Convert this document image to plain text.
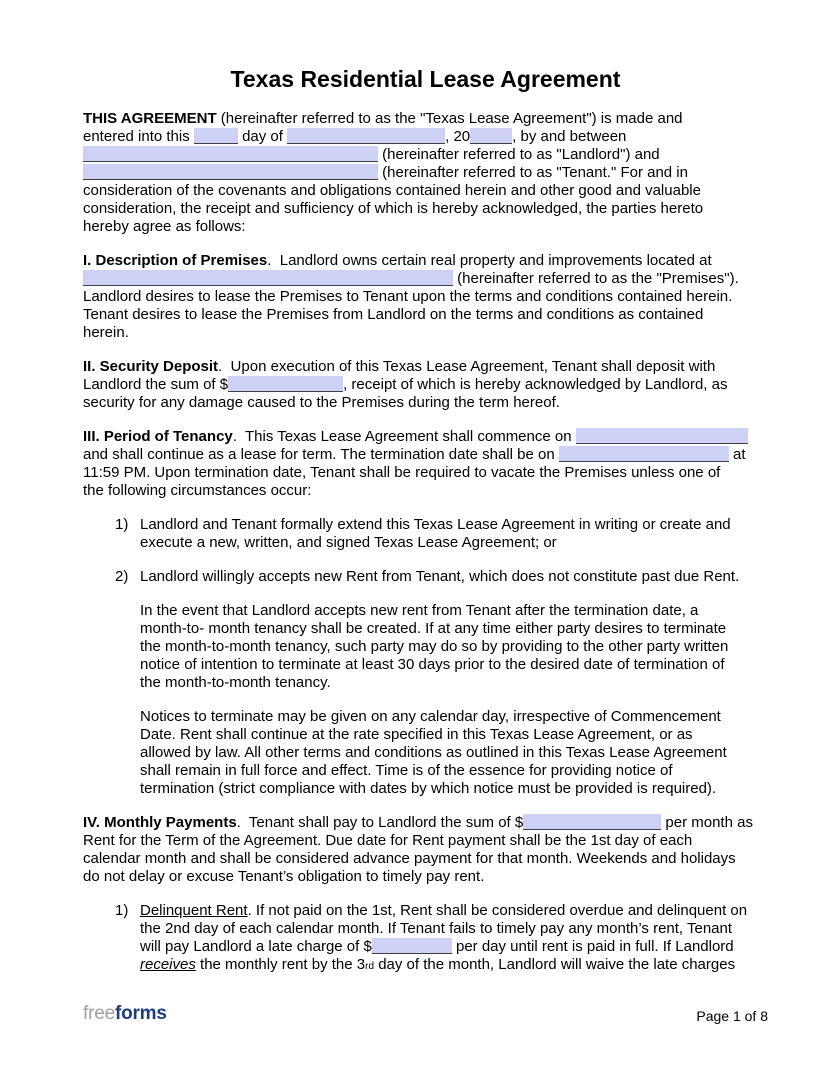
Texas Residential Lease Agreement

THIS AGREEMENT (hereinafter referred to as the "Texas Lease Agreement") is made and
entered into this	day of	, 20	, by and between
(hereinafter referred to as "Landlord") and
(hereinafter referred to as "Tenant." For and in
consideration of the covenants and obligations contained herein and other good and valuable
consideration, the receipt and sufficiency of which is hereby acknowledged, the parties hereto
hereby agree as follows:

I. Description of Premises.  Landlord owns certain real property and improvements located at
(hereinafter referred to as the "Premises").
Landlord desires to lease the Premises to Tenant upon the terms and conditions contained herein.
Tenant desires to lease the Premises from Landlord on the terms and conditions as contained
herein.

II. Security Deposit.  Upon execution of this Texas Lease Agreement, Tenant shall deposit with
Landlord the sum of $	, receipt of which is hereby acknowledged by Landlord, as
security for any damage caused to the Premises during the term hereof.

III. Period of Tenancy.  This Texas Lease Agreement shall commence on
and shall continue as a lease for term. The termination date shall be on	at
11:59 PM. Upon termination date, Tenant shall be required to vacate the Premises unless one of
the following circumstances occur:

1) Landlord and Tenant formally extend this Texas Lease Agreement in writing or create and
execute a new, written, and signed Texas Lease Agreement; or
2) Landlord willingly accepts new Rent from Tenant, which does not constitute past due Rent.

In the event that Landlord accepts new rent from Tenant after the termination date, a
month-to- month tenancy shall be created. If at any time either party desires to terminate
the month-to-month tenancy, such party may do so by providing to the other party written
notice of intention to terminate at least 30 days prior to the desired date of termination of
the month-to-month tenancy.

Notices to terminate may be given on any calendar day, irrespective of Commencement
Date. Rent shall continue at the rate specified in this Texas Lease Agreement, or as
allowed by law. All other terms and conditions as outlined in this Texas Lease Agreement
shall remain in full force and effect. Time is of the essence for providing notice of
termination (strict compliance with dates by which notice must be provided is required).

IV. Monthly Payments.  Tenant shall pay to Landlord the sum of $	per month as
Rent for the Term of the Agreement. Due date for Rent payment shall be the 1st day of each
calendar month and shall be considered advance payment for that month. Weekends and holidays
do not delay or excuse Tenant’s obligation to timely pay rent.

1) Delinquent Rent. If not paid on the 1st, Rent shall be considered overdue and delinquent on
the 2nd day of each calendar month. If Tenant fails to timely pay any month’s rent, Tenant
will pay Landlord a late charge of $	per day until rent is paid in full. If Landlord
receives the monthly rent by the 3rd day of the month, Landlord will waive the late charges
freeforms	Page 1 of 8
